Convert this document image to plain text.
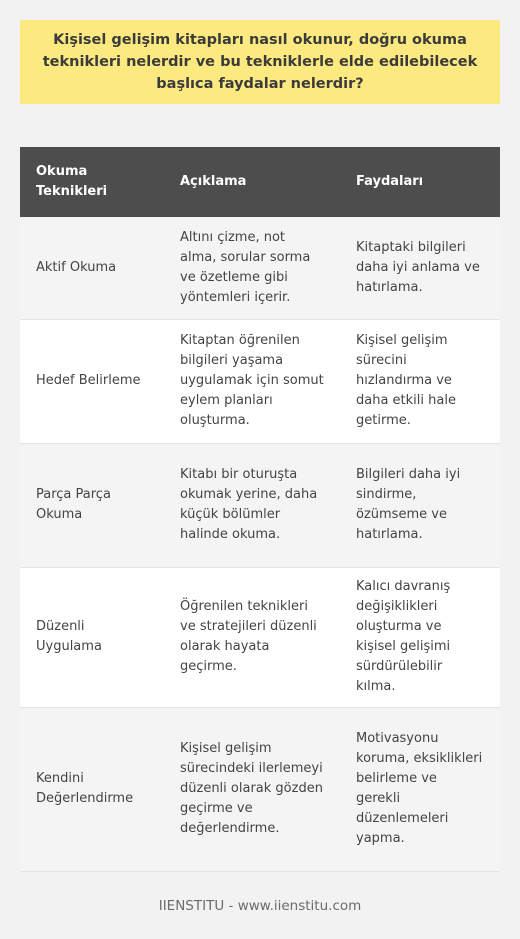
Kişisel gelişim kitapları nasıl okunur, doğru okuma teknikleri nelerdir ve bu tekniklerle elde edilebilecek başlıca faydalar nelerdir?
Okuma Teknikleri	Açıklama	Faydaları
Aktif Okuma	Altını çizme, not alma, sorular sorma ve özetleme gibi yöntemleri içerir.	Kitaptaki bilgileri daha iyi anlama ve hatırlama.
Hedef Belirleme	Kitaptan öğrenilen bilgileri yaşama uygulamak için somut eylem planları oluşturma.	Kişisel gelişim sürecini hızlandırma ve daha etkili hale getirme.
Parça Parça Okuma	Kitabı bir oturuşta okumak yerine, daha küçük bölümler halinde okuma.	Bilgileri daha iyi sindirme, özümseme ve hatırlama.
Düzenli Uygulama	Öğrenilen teknikleri ve stratejileri düzenli olarak hayata geçirme.	Kalıcı davranış değişiklikleri oluşturma ve kişisel gelişimi sürdürülebilir kılma.
Kendini Değerlendirme	Kişisel gelişim sürecindeki ilerlemeyi düzenli olarak gözden geçirme ve değerlendirme.	Motivasyonu koruma, eksiklikleri belirleme ve gerekli düzenlemeleri yapma.
IIENSTITU - www.iienstitu.com
